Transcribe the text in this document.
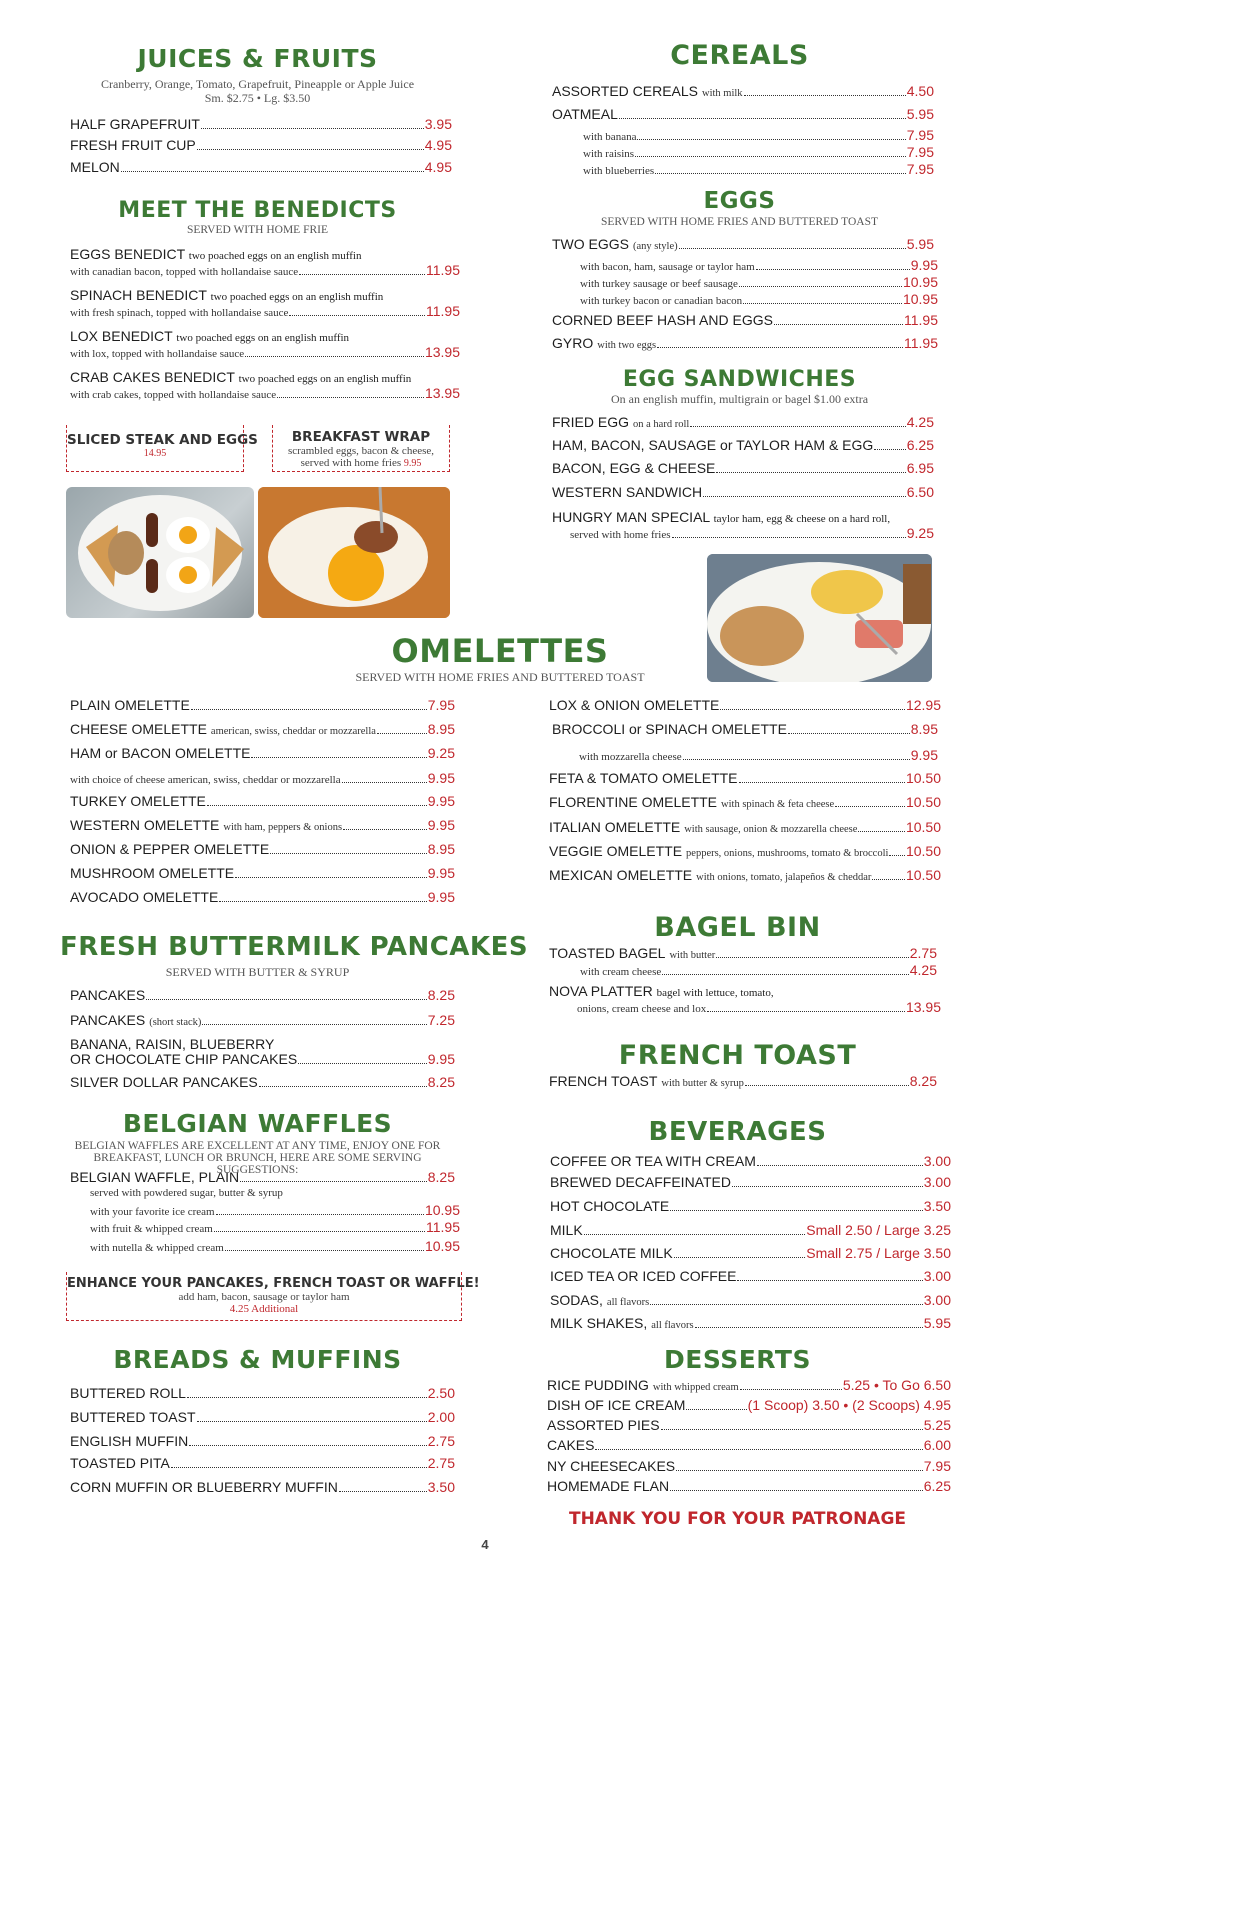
JUICES & FRUITS
Cranberry, Orange, Tomato, Grapefruit, Pineapple or Apple Juice
Sm. $2.75 • Lg. $3.50
HALF GRAPEFRUIT	3.95
FRESH FRUIT CUP	4.95
MELON	4.95
MEET THE BENEDICTS
SERVED WITH HOME FRIE
EGGS BENEDICT two poached eggs on an english muffin
with canadian bacon, topped with hollandaise sauce	11.95
SPINACH BENEDICT two poached eggs on an english muffin
with fresh spinach, topped with hollandaise sauce	11.95
LOX BENEDICT two poached eggs on an english muffin
with lox, topped with hollandaise sauce	13.95
CRAB CAKES BENEDICT two poached eggs on an english muffin
with crab cakes, topped with hollandaise sauce	13.95
SLICED STEAK AND EGGS
14.95
BREAKFAST WRAP
scrambled eggs, bacon & cheese,
served with home fries 9.95
CEREALS
ASSORTED CEREALS with milk	4.50
OATMEAL	5.95
with banana	7.95
with raisins	7.95
with blueberries	7.95
EGGS
SERVED WITH HOME FRIES AND BUTTERED TOAST
TWO EGGS (any style)	5.95
with bacon, ham, sausage or taylor ham	9.95
with turkey sausage or beef sausage	10.95
with turkey bacon or canadian bacon	10.95
CORNED BEEF HASH AND EGGS	11.95
GYRO with two eggs	11.95
EGG SANDWICHES
On an english muffin, multigrain or bagel $1.00 extra
FRIED EGG on a hard roll	4.25
HAM, BACON, SAUSAGE or TAYLOR HAM & EGG 6.25
BACON, EGG & CHEESE	6.95
WESTERN SANDWICH	6.50
HUNGRY MAN SPECIAL taylor ham, egg & cheese on a hard roll,
served with home fries	9.25
OMELETTES
SERVED WITH HOME FRIES AND BUTTERED TOAST
PLAIN OMELETTE	7.95
CHEESE OMELETTE american, swiss, cheddar or mozzarella	8.95
HAM or BACON OMELETTE	9.25
with choice of cheese american, swiss, cheddar or mozzarella	9.95
TURKEY OMELETTE	9.95
WESTERN OMELETTE with ham, peppers & onions	9.95
ONION & PEPPER OMELETTE	8.95
MUSHROOM OMELETTE	9.95
AVOCADO OMELETTE	9.95
LOX & ONION OMELETTE	12.95
BROCCOLI or SPINACH OMELETTE	8.95
with mozzarella cheese	9.95
FETA & TOMATO OMELETTE	10.50
FLORENTINE OMELETTE with spinach & feta cheese	10.50
ITALIAN OMELETTE with sausage, onion & mozzarella cheese	10.50
VEGGIE OMELETTE peppers, onions, mushrooms, tomato & broccoli 10.50
MEXICAN OMELETTE with onions, tomato, jalapeños & cheddar 10.50
FRESH BUTTERMILK PANCAKES
SERVED WITH BUTTER & SYRUP
PANCAKES	8.25
PANCAKES (short stack)	7.25
BANANA, RAISIN, BLUEBERRY
OR CHOCOLATE CHIP PANCAKES	9.95
SILVER DOLLAR PANCAKES	8.25
BELGIAN WAFFLES
BELGIAN WAFFLES ARE EXCELLENT AT ANY TIME, ENJOY ONE FOR
BREAKFAST, LUNCH OR BRUNCH, HERE ARE SOME SERVING SUGGESTIONS:
BELGIAN WAFFLE, PLAIN	8.25
served with powdered sugar, butter & syrup
with your favorite ice cream	10.95
with fruit & whipped cream	11.95
with nutella & whipped cream	10.95
ENHANCE YOUR PANCAKES, FRENCH TOAST OR WAFFLE!
add ham, bacon, sausage or taylor ham
4.25 Additional
BREADS & MUFFINS
BUTTERED ROLL	2.50
BUTTERED TOAST	2.00
ENGLISH MUFFIN	2.75
TOASTED PITA	2.75
CORN MUFFIN OR BLUEBERRY MUFFIN	3.50
BAGEL BIN
TOASTED BAGEL with butter	2.75
with cream cheese	4.25
NOVA PLATTER bagel with lettuce, tomato,
onions, cream cheese and lox	13.95
FRENCH TOAST
FRENCH TOAST with butter & syrup	8.25
BEVERAGES
COFFEE OR TEA WITH CREAM	3.00
BREWED DECAFFEINATED	3.00
HOT CHOCOLATE	3.50
MILK	Small 2.50 / Large 3.25
CHOCOLATE MILK	Small 2.75 / Large 3.50
ICED TEA OR ICED COFFEE	3.00
SODAS, all flavors	3.00
MILK SHAKES, all flavors	5.95
DESSERTS
RICE PUDDING with whipped cream	5.25 • To Go 6.50
DISH OF ICE CREAM	(1 Scoop) 3.50 • (2 Scoops) 4.95
ASSORTED PIES	5.25
CAKES	6.00
NY CHEESECAKES	7.95
HOMEMADE FLAN	6.25
THANK YOU FOR YOUR PATRONAGE
4
